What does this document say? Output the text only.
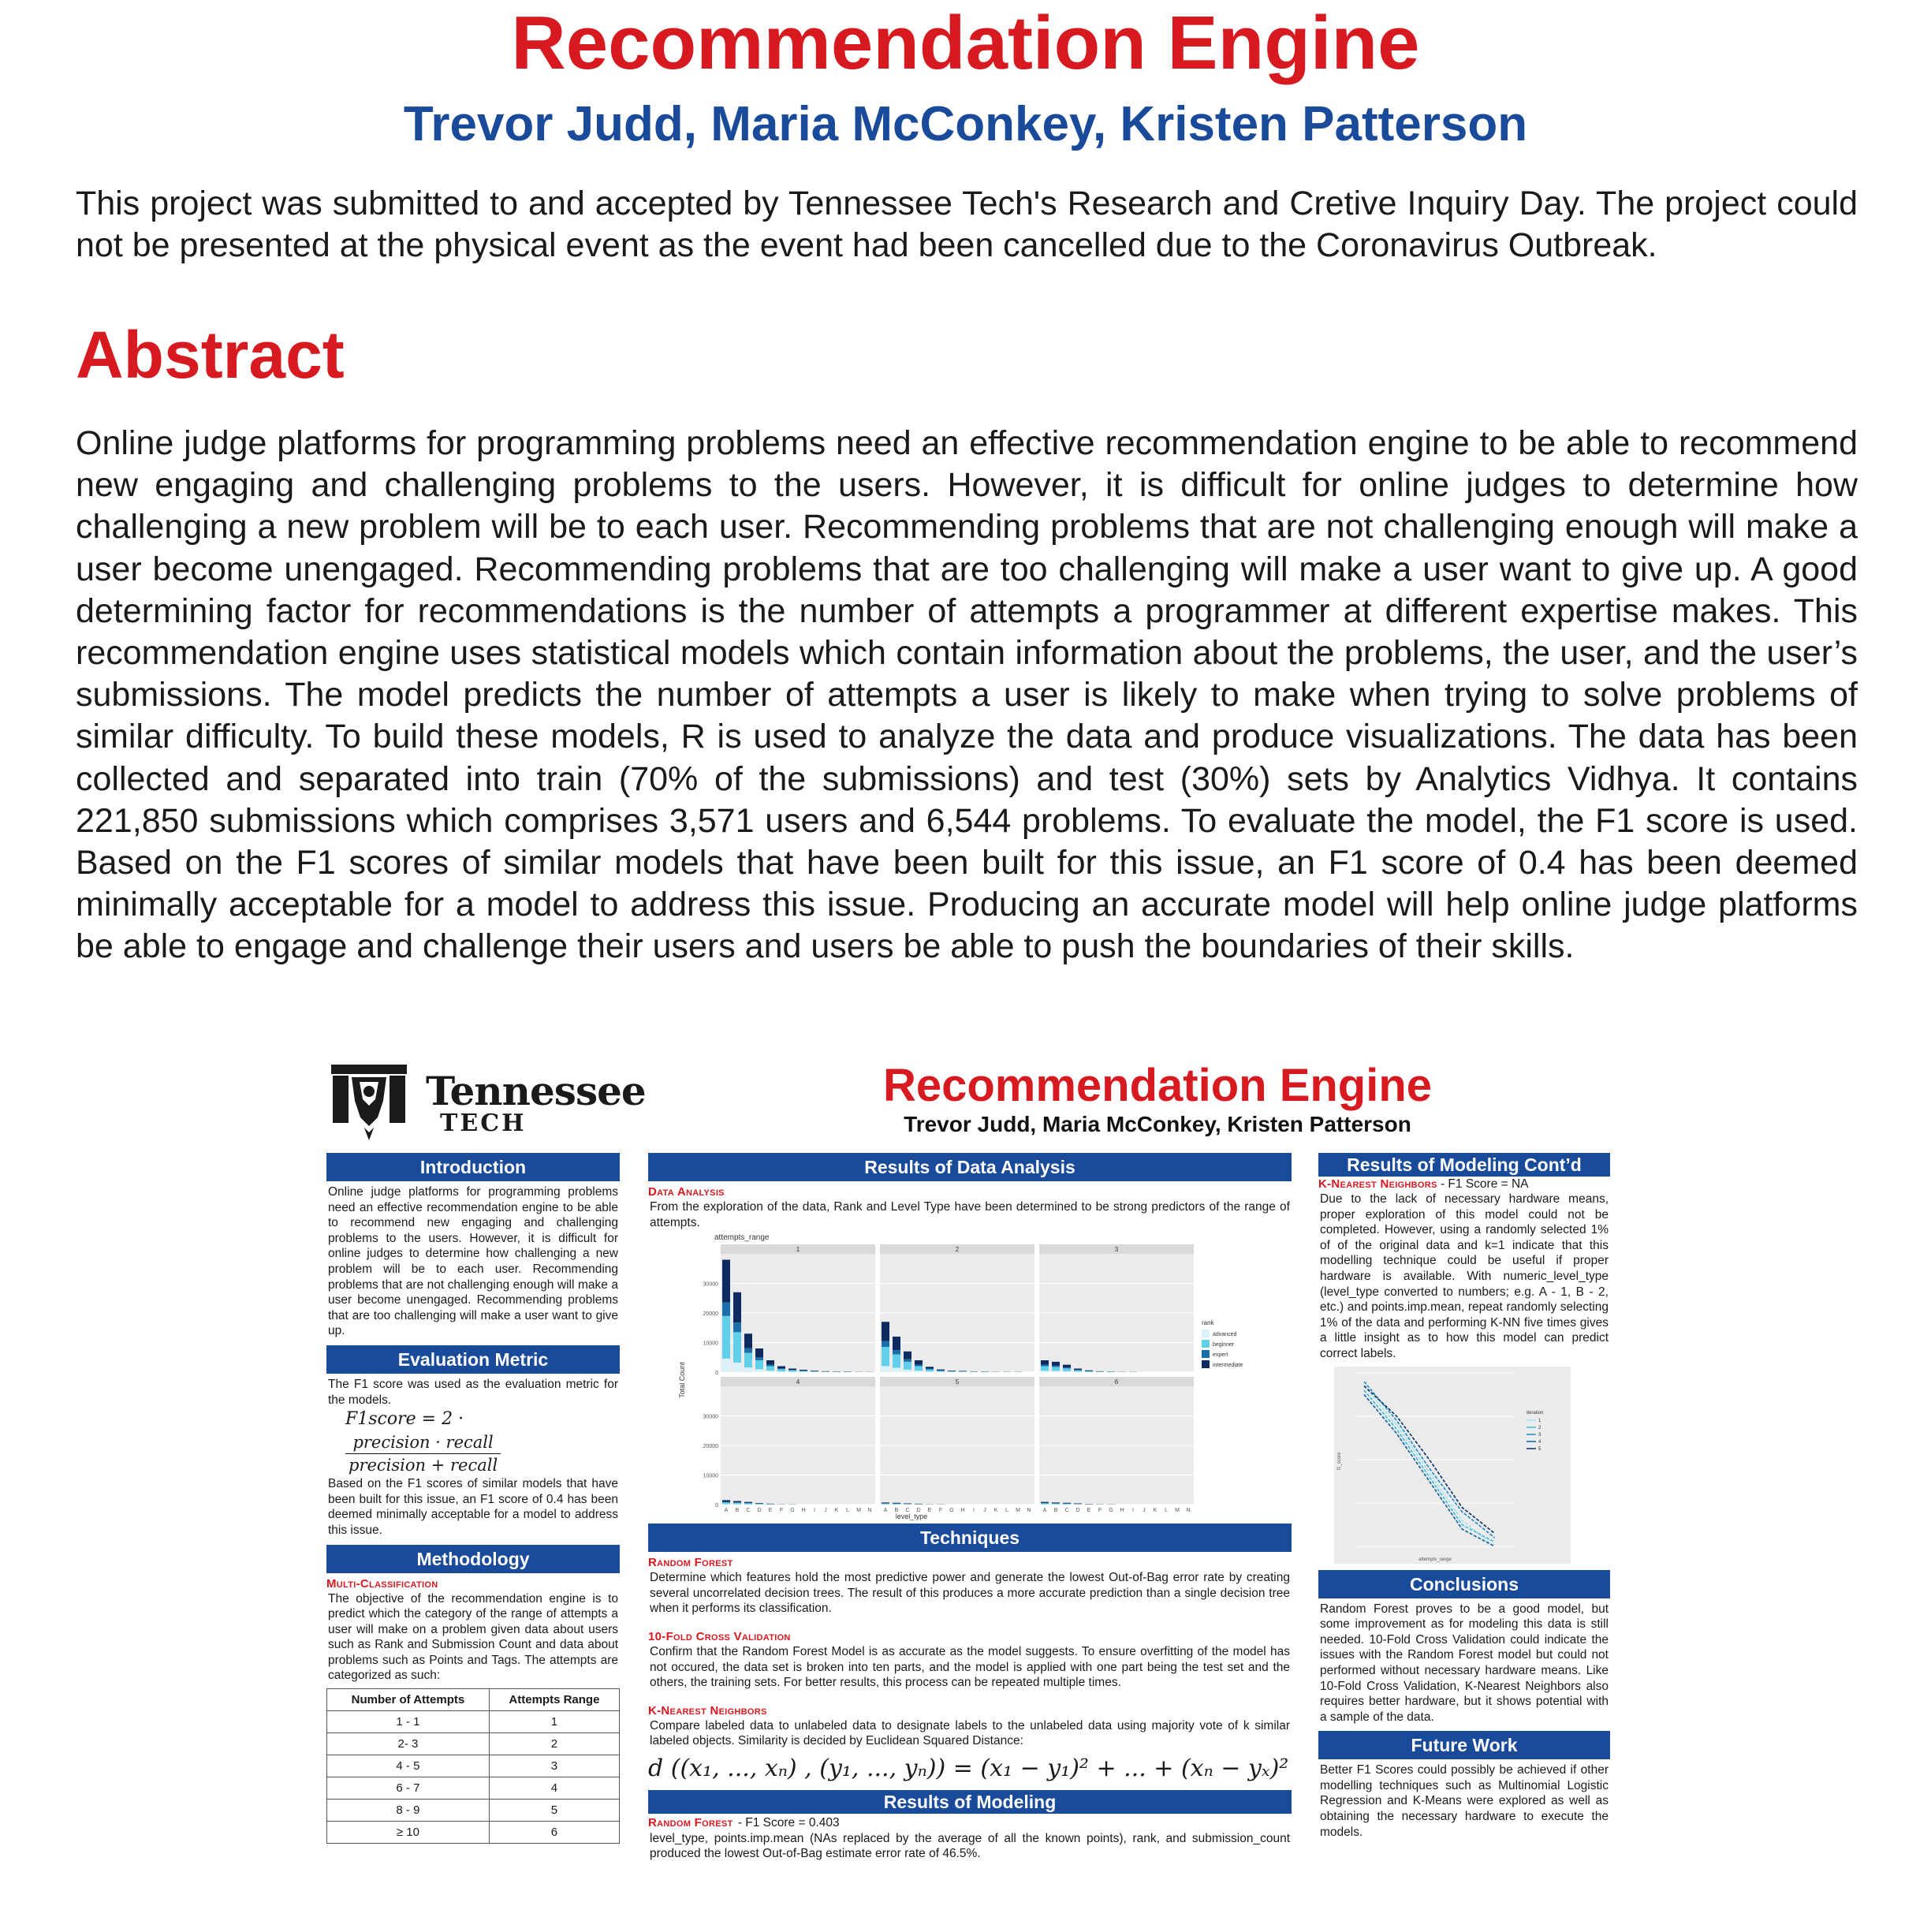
Recommendation Engine
Trevor Judd, Maria McConkey, Kristen Patterson

This project was submitted to and accepted by Tennessee Tech's Research and Cretive Inquiry Day. The project could not be presented at the physical event as the event had been cancelled due to the Coronavirus Outbreak.

Abstract

Online judge platforms for programming problems need an effective recommendation engine to be able to recommend new engaging and challenging problems to the users. However, it is difficult for online judges to determine how challenging a new problem will be to each user. Recommending problems that are not challenging enough will make a user become unengaged. Recommending problems that are too challenging will make a user want to give up. A good determining factor for recommendations is the number of attempts a programmer at different expertise makes. This recommendation engine uses statistical models which contain information about the problems, the user, and the user’s submissions. The model predicts the number of attempts a user is likely to make when trying to solve problems of similar difficulty. To build these models, R is used to analyze the data and produce visualizations. The data has been collected and separated into train (70% of the submissions) and test (30%) sets by Analytics Vidhya. It contains 221,850 submissions which comprises 3,571 users and 6,544 problems. To evaluate the model, the F1 score is used. Based on the F1 scores of similar models that have been built for this issue, an F1 score of 0.4 has been deemed minimally acceptable for a model to address this issue. Producing an accurate model will help online judge platforms be able to engage and challenge their users and users be able to push the boundaries of their skills.

Tennessee
TECH
Recommendation Engine
Trevor Judd, Maria McConkey, Kristen Patterson
Introduction

Online judge platforms for programming problems need an effective recommendation engine to be able to recommend new engaging and challenging problems to the users. However, it is difficult for online judges to determine how challenging a new problem will be to each user. Recommending problems that are not challenging enough will make a user become unengaged. Recommending problems that are too challenging will make a user want to give up.

Evaluation Metric

The F1 score was used as the evaluation metric for the models.

F1score = 2 ·
$\frac{\text{precision · recall}}{\text{precision + recall}}$

Based on the F1 scores of similar models that have been built for this issue, an F1 score of 0.4 has been deemed minimally acceptable for a model to address this issue.

Methodology
Multi-Classification

The objective of the recommendation engine is to predict which the category of the range of attempts a user will make on a problem given data about users such as Rank and Submission Count and data about problems such as Points and Tags. The attempts are categorized as such:

Number of Attempts	Attempts Range
1 - 1	1
2- 3	2
4 - 5	3
6 - 7	4
8 - 9	5
≥ 10	6
Results of Data Analysis
Data Analysis

From the exploration of the data, Rank and Level Type have been determined to be strong predictors of the range of attempts.

attempts_range
Total Count
level_type
1
0
10000
20000
30000
2	3
4
0
10000
20000
30000
A B C D E F G H I J K L M N
5
A B C D E F G H I J K L M N
6
A B C D E F G H I J K L M N
rank
advanced
beginner
expert
intermediate
Techniques
Random Forest

Determine which features hold the most predictive power and generate the lowest Out-of-Bag error rate by creating several uncorrelated decision trees. The result of this produces a more accurate prediction than a single decision tree when it performs its classification.

10-Fold Cross Validation

Confirm that the Random Forest Model is as accurate as the model suggests. To ensure overfitting of the model has not occured, the data set is broken into ten parts, and the model is applied with one part being the test set and the others, the training sets. For better results, this process can be repeated multiple times.

K-Nearest Neighbors

Compare labeled data to unlabeled data to designate labels to the unlabeled data using majority vote of k similar labeled objects. Similarity is decided by Euclidean Squared Distance:

d ((x₁, ..., xₙ) , (y₁, ..., yₙ)) = (x₁ − y₁)² + ... + (xₙ − yₓ)²
Results of Modeling
Random Forest - F1 Score = 0.403

level_type, points.imp.mean (NAs replaced by the average of all the known points), rank, and submission_count produced the lowest Out-of-Bag estimate error rate of 46.5%.

Results of Modeling Cont’d
K-Nearest Neighbors - F1 Score = NA

Due to the lack of necessary hardware means, proper exploration of this model could not be completed. However, using a randomly selected 1% of of the original data and k=1 indicate that this modelling technique could be useful if proper hardware is available. With numeric_level_type (level_type converted to numbers; e.g. A - 1, B - 2, etc.) and points.imp.mean, repeat randomly selecting 1% of the data and performing K-NN five times gives a little insight as to how this model can predict correct labels.

f1_score
attempts_range
iteration
1
2
3
4
5
Conclusions

Random Forest proves to be a good model, but some improvement as for modeling this data is still needed. 10-Fold Cross Validation could indicate the issues with the Random Forest model but could not performed without necessary hardware means. Like 10-Fold Cross Validation, K-Nearest Neighbors also requires better hardware, but it shows potential with a sample of the data.

Future Work

Better F1 Scores could possibly be achieved if other modelling techniques such as Multinomial Logistic Regression and K-Means were explored as well as obtaining the necessary hardware to execute the models.
